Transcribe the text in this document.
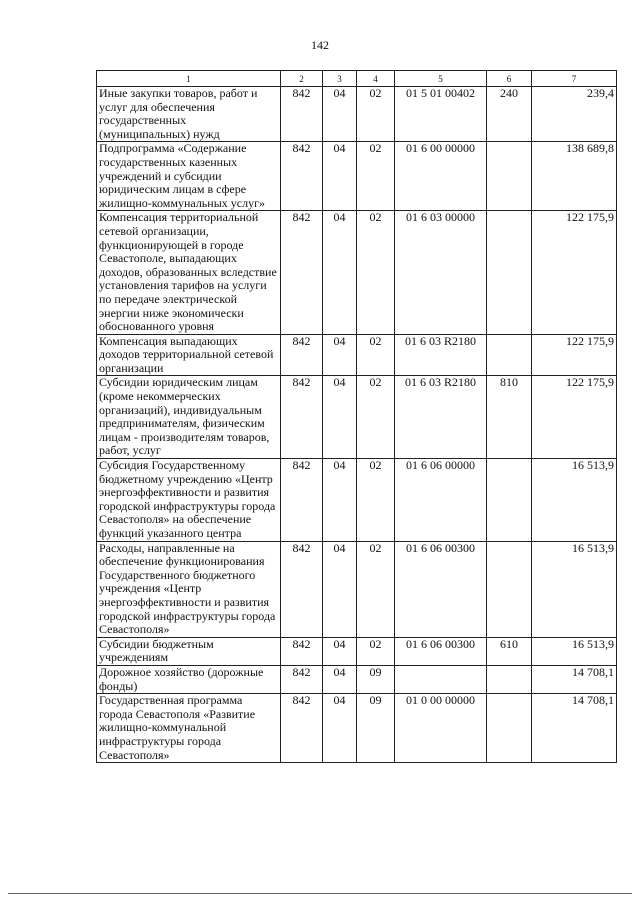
142
1	2	3	4	5	6	7
Иные закупки товаров, работ и услуг для обеспечения государственных (муниципальных) нужд	842	04	02	01 5 01 00402	240	239,4
Подпрограмма «Содержание государственных казенных учреждений и субсидии юридическим лицам в сфере жилищно-коммунальных услуг»	842	04	02	01 6 00 00000		138 689,8
Компенсация территориальной сетевой организации, функционирующей в городе Севастополе, выпадающих доходов, образованных вследствие установления тарифов на услуги по передаче электрической энергии ниже экономически обоснованного уровня	842	04	02	01 6 03 00000		122 175,9
Компенсация выпадающих доходов территориальной сетевой организации	842	04	02	01 6 03 R2180		122 175,9
Субсидии юридическим лицам (кроме некоммерческих организаций), индивидуальным предпринимателям, физическим лицам - производителям товаров, работ, услуг	842	04	02	01 6 03 R2180	810	122 175,9
Субсидия Государственному бюджетному учреждению «Центр энергоэффективности и развития городской инфраструктуры города Севастополя» на обеспечение функций указанного центра	842	04	02	01 6 06 00000		16 513,9
Расходы, направленные на обеспечение функционирования Государственного бюджетного учреждения «Центр энергоэффективности и развития городской инфраструктуры города Севастополя»	842	04	02	01 6 06 00300		16 513,9
Субсидии бюджетным учреждениям	842	04	02	01 6 06 00300	610	16 513,9
Дорожное хозяйство (дорожные фонды)	842	04	09			14 708,1
Государственная программа города Севастополя «Развитие жилищно-коммунальной инфраструктуры города Севастополя»	842	04	09	01 0 00 00000		14 708,1
